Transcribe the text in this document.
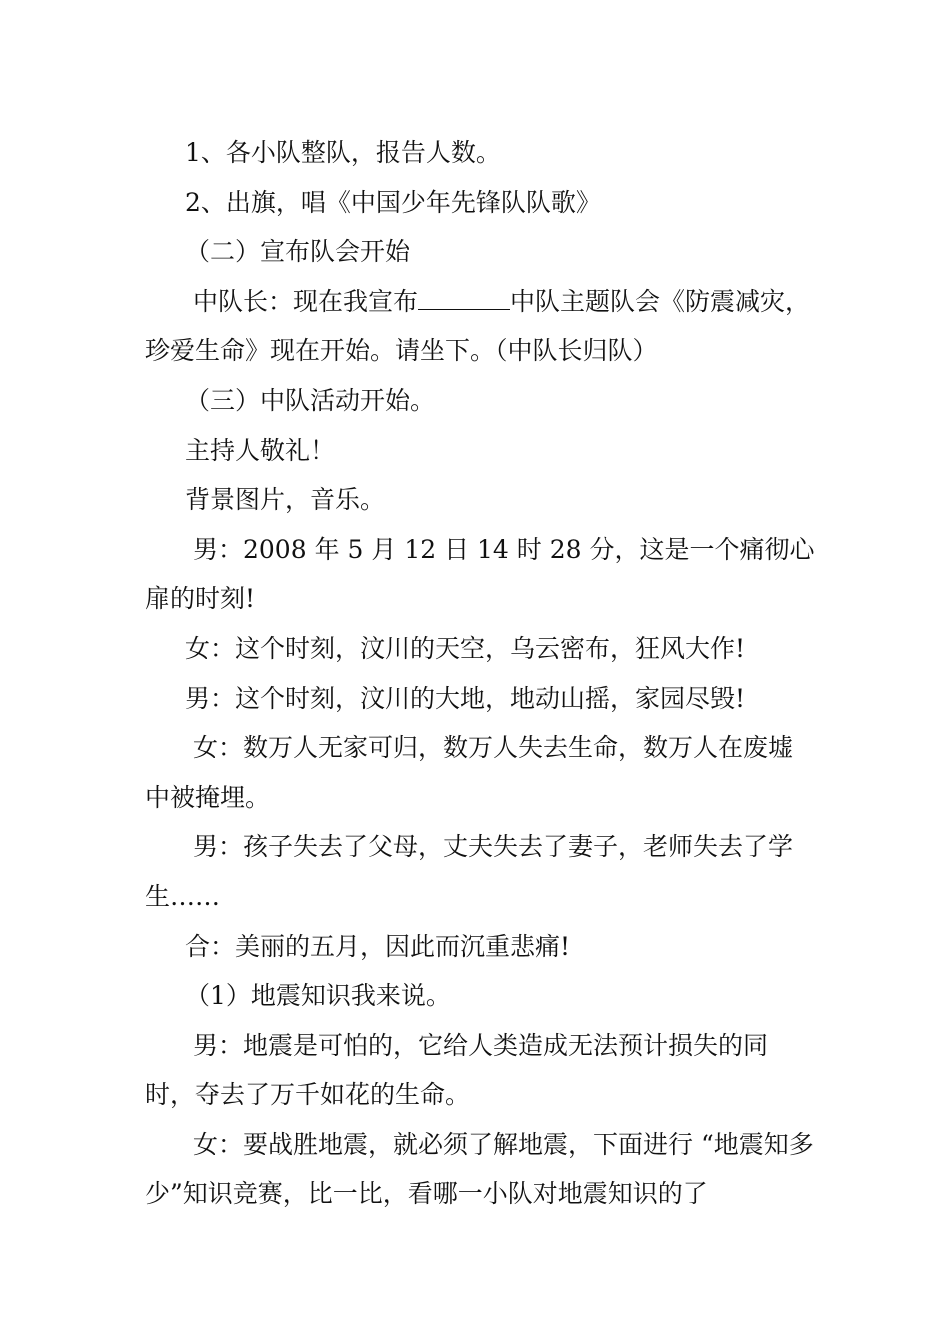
1、各小队整队，报告人数。

2、出旗，唱《中国少年先锋队队歌》

（二）宣布队会开始

中队长：现在我宣布	中队主题队会《防震减灾，珍爱生命》现在开始。请坐下。（中队长归队）

（三）中队活动开始。

主持人敬礼！

背景图片，音乐。

男：2008 年 5 月 12 日 14 时 28 分，这是一个痛彻心扉的时刻!

女：这个时刻，汶川的天空，乌云密布，狂风大作!

男：这个时刻，汶川的大地，地动山摇，家园尽毁!

女：数万人无家可归，数万人失去生命，数万人在废墟中被掩埋。

男：孩子失去了父母，丈夫失去了妻子，老师失去了学生……

合：美丽的五月，因此而沉重悲痛!

（1）地震知识我来说。

男：地震是可怕的，它给人类造成无法预计损失的同时，夺去了万千如花的生命。

女：要战胜地震，就必须了解地震，下面进行 “地震知多少”知识竞赛，比一比，看哪一小队对地震知识的了
